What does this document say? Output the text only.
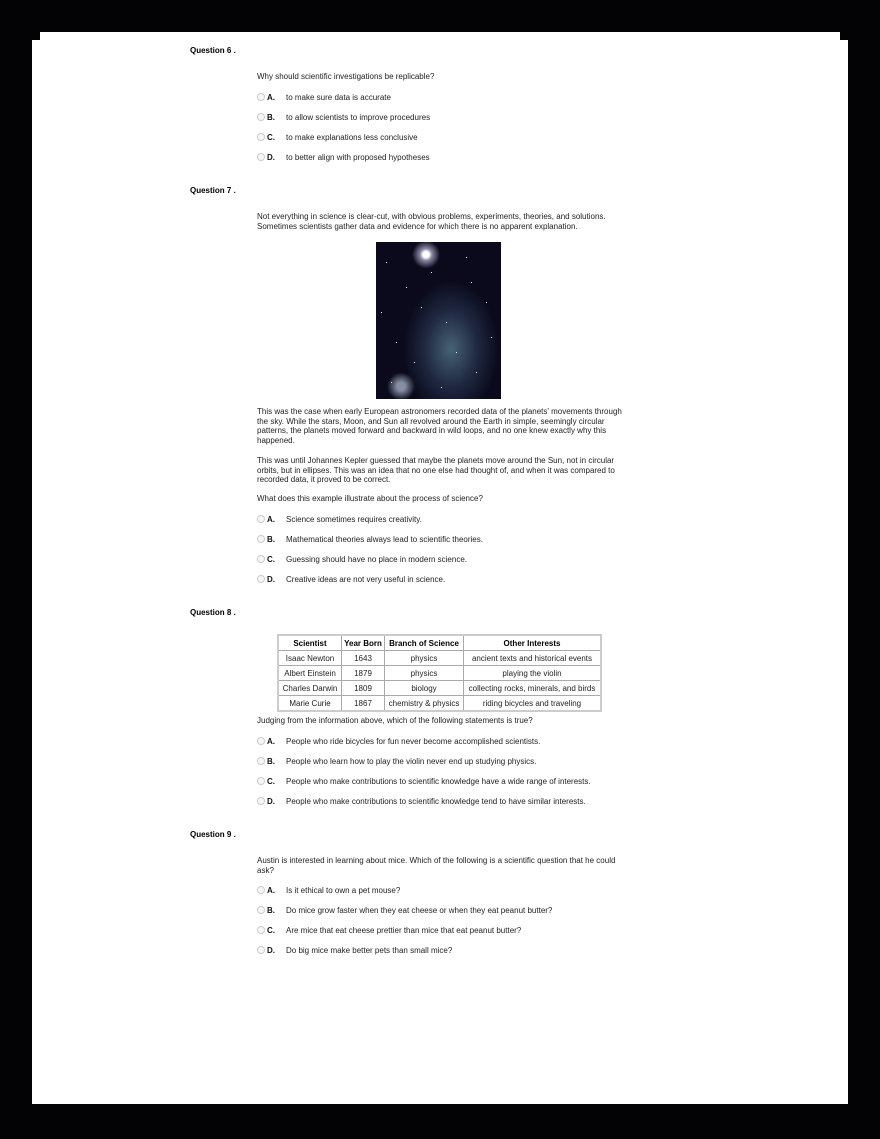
Question 6 .
Why should scientific investigations be replicable?
A.	to make sure data is accurate
B.	to allow scientists to improve procedures
C.	to make explanations less conclusive
D.	to better align with proposed hypotheses
Question 7 .
Not everything in science is clear-cut, with obvious problems, experiments, theories, and solutions. Sometimes scientists gather data and evidence for which there is no apparent explanation.
This was the case when early European astronomers recorded data of the planets' movements through the sky. While the stars, Moon, and Sun all revolved around the Earth in simple, seemingly circular patterns, the planets moved forward and backward in wild loops, and no one knew exactly why this happened.
This was until Johannes Kepler guessed that maybe the planets move around the Sun, not in circular orbits, but in ellipses. This was an idea that no one else had thought of, and when it was compared to recorded data, it proved to be correct.
What does this example illustrate about the process of science?
A.	Science sometimes requires creativity.
B.	Mathematical theories always lead to scientific theories.
C.	Guessing should have no place in modern science.
D.	Creative ideas are not very useful in science.
Question 8 .
Scientist	Year Born	Branch of Science	Other Interests
Isaac Newton	1643	physics	ancient texts and historical events
Albert Einstein	1879	physics	playing the violin
Charles Darwin	1809	biology	collecting rocks, minerals, and birds
Marie Curie	1867	chemistry & physics	riding bicycles and traveling
Judging from the information above, which of the following statements is true?
A.	People who ride bicycles for fun never become accomplished scientists.
B.	People who learn how to play the violin never end up studying physics.
C.	People who make contributions to scientific knowledge have a wide range of interests.
D.	People who make contributions to scientific knowledge tend to have similar interests.
Question 9 .
Austin is interested in learning about mice. Which of the following is a scientific question that he could ask?
A.	Is it ethical to own a pet mouse?
B.	Do mice grow faster when they eat cheese or when they eat peanut butter?
C.	Are mice that eat cheese prettier than mice that eat peanut butter?
D.	Do big mice make better pets than small mice?
